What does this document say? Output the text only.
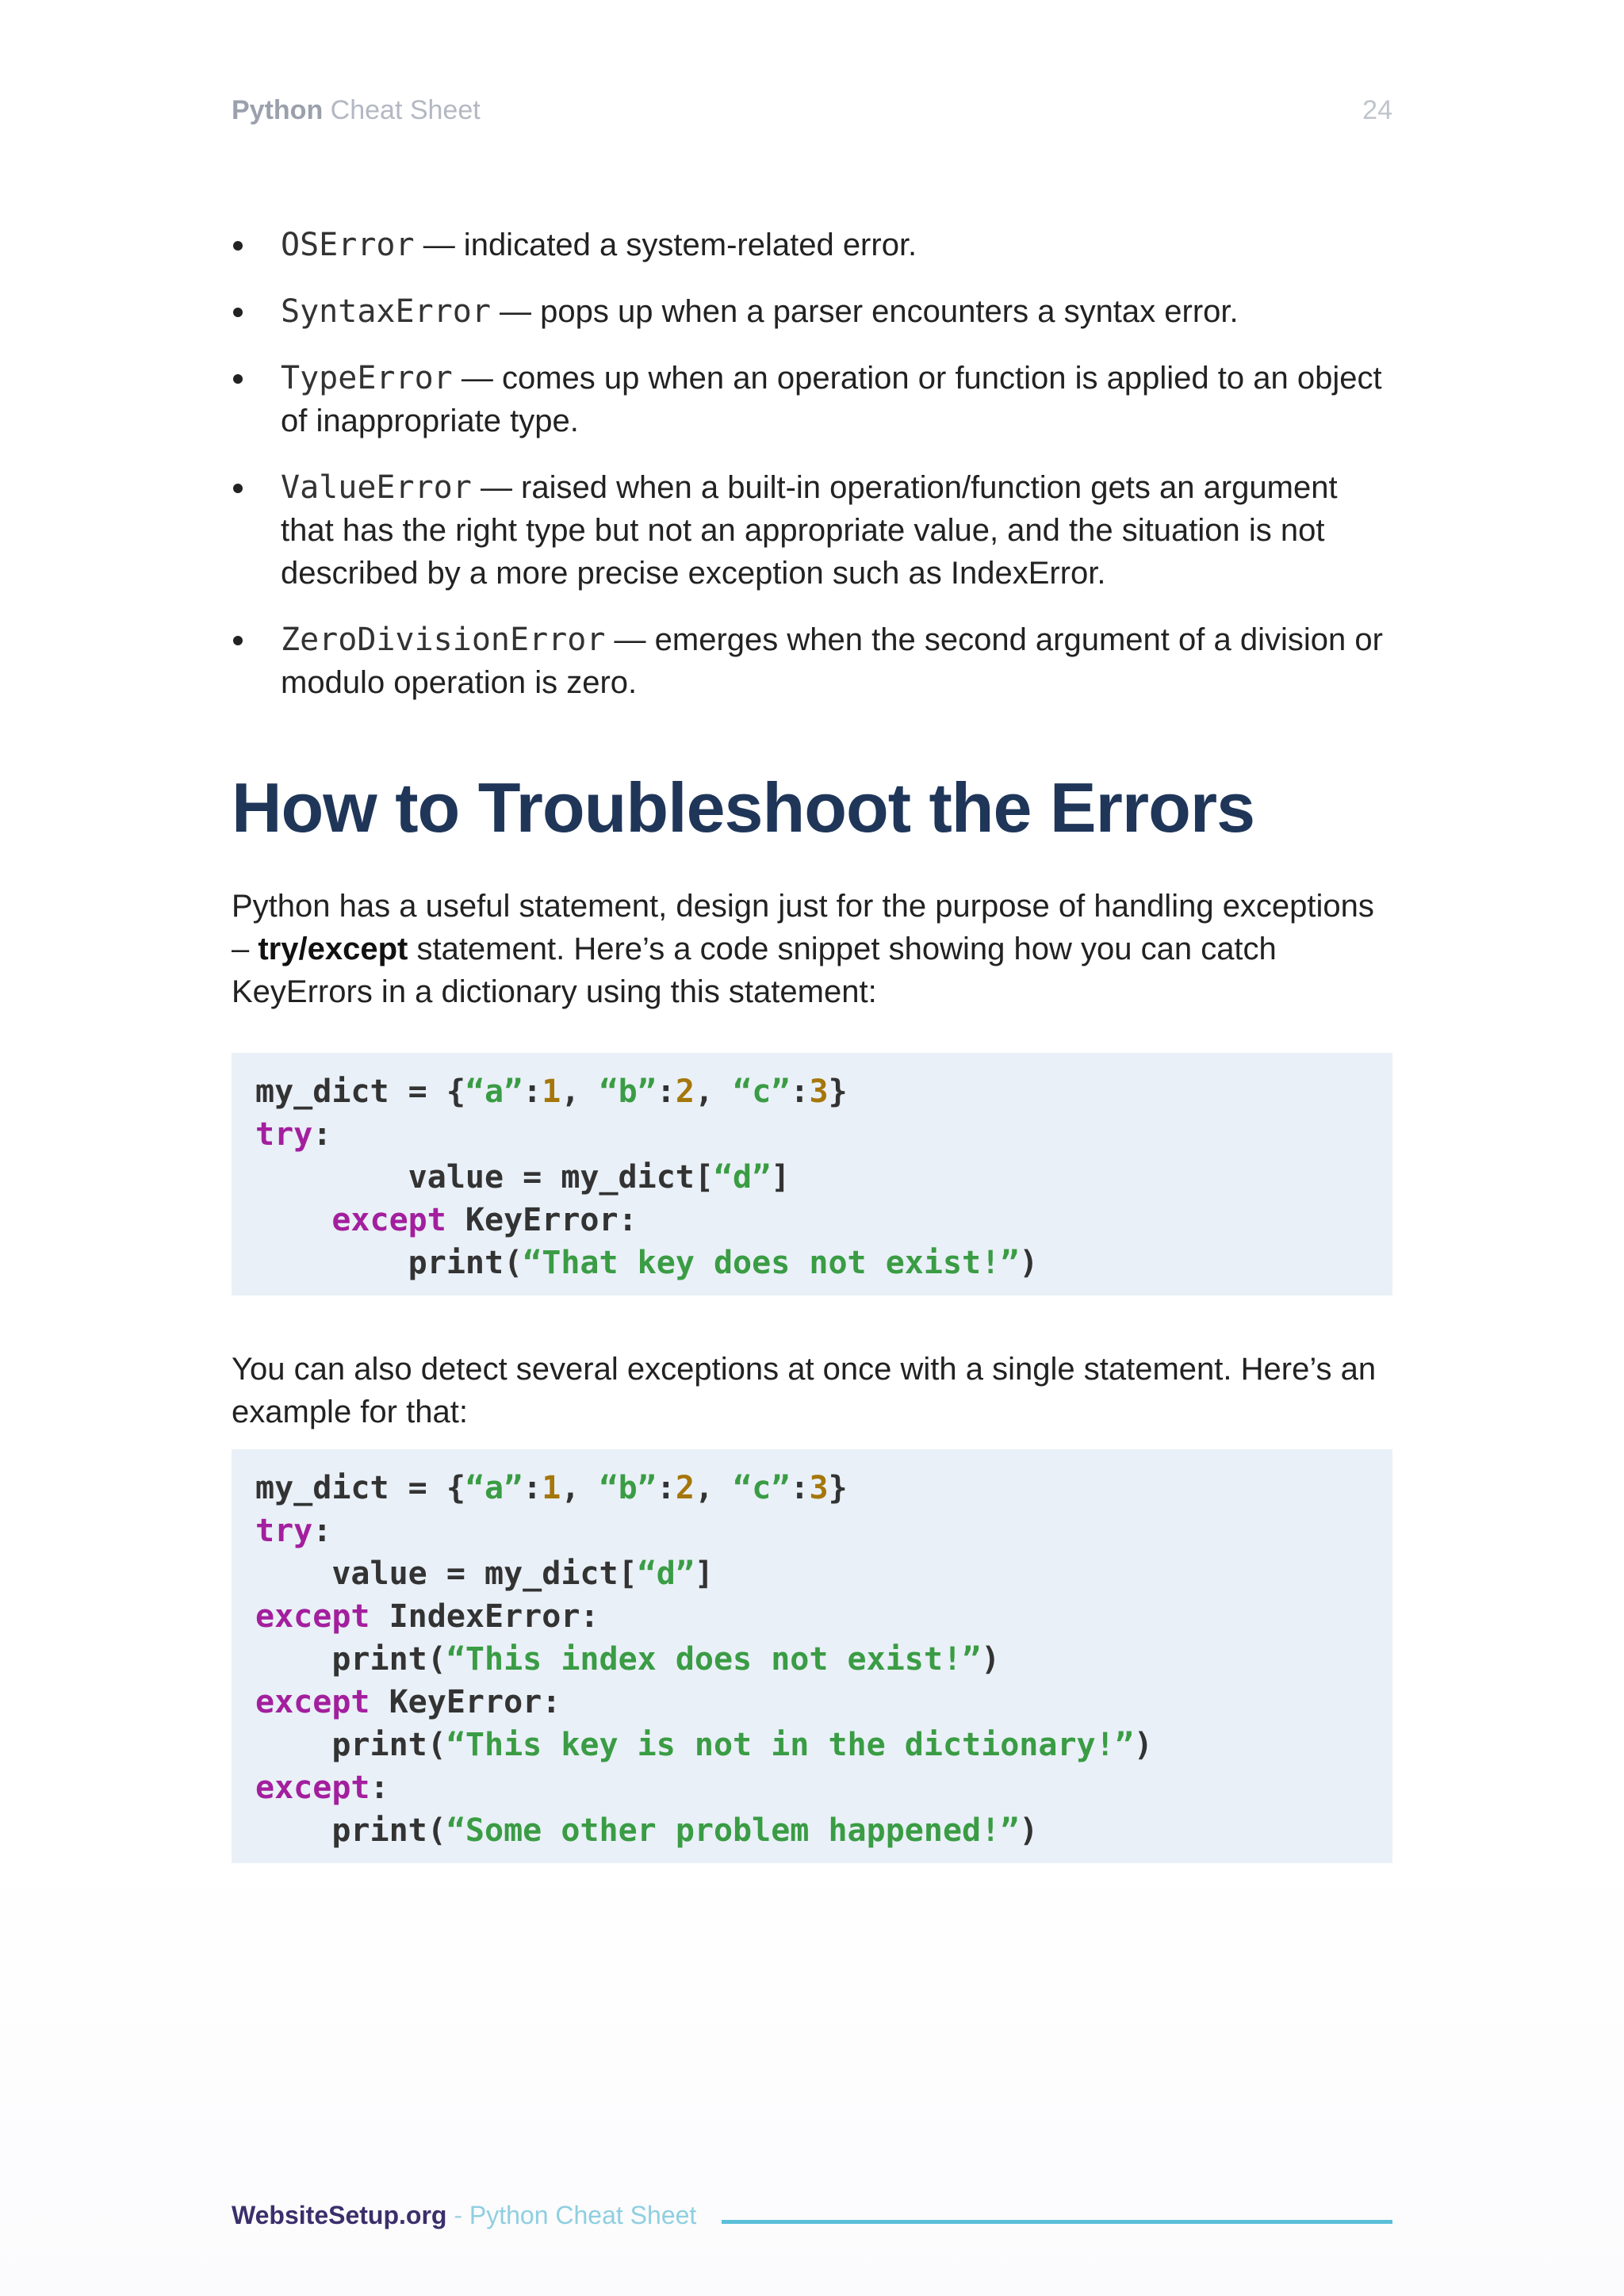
Python Cheat Sheet	24
OSError — indicated a system-related error.
SyntaxError — pops up when a parser encounters a syntax error.
TypeError — comes up when an operation or function is applied to an object of inappropriate type.
ValueError — raised when a built-in operation/function gets an argument that has the right type but not an appropriate value, and the situation is not described by a more precise exception such as IndexError.
ZeroDivisionError — emerges when the second argument of a division or modulo operation is zero.
How to Troubleshoot the Errors

Python has a useful statement, design just for the purpose of handling exceptions – try/except statement. Here’s a code snippet showing how you can catch KeyErrors in a dictionary using this statement:

my_dict = {“a”:1, “b”:2, “c”:3}
try:
value = my_dict[“d”]
except KeyError:
print(“That key does not exist!”)

You can also detect several exceptions at once with a single statement. Here’s an example for that:

my_dict = {“a”:1, “b”:2, “c”:3}
try:
value = my_dict[“d”]
except IndexError:
print(“This index does not exist!”)
except KeyError:
print(“This key is not in the dictionary!”)
except:
print(“Some other problem happened!”)
WebsiteSetup.org - Python Cheat Sheet
